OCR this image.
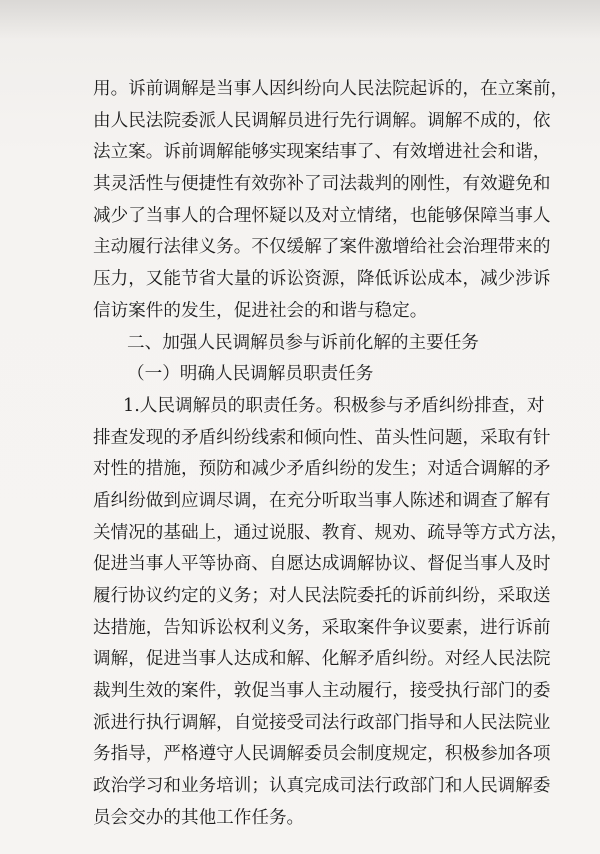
用。诉前调解是当事人因纠纷向人民法院起诉的，在立案前，
由人民法院委派人民调解员进行先行调解。调解不成的，依
法立案。诉前调解能够实现案结事了、有效增进社会和谐，
其灵活性与便捷性有效弥补了司法裁判的刚性，有效避免和
减少了当事人的合理怀疑以及对立情绪，也能够保障当事人
主动履行法律义务。不仅缓解了案件激增给社会治理带来的
压力，又能节省大量的诉讼资源，降低诉讼成本，减少涉诉
信访案件的发生，促进社会的和谐与稳定。
二、加强人民调解员参与诉前化解的主要任务
（一）明确人民调解员职责任务
1.人民调解员的职责任务。积极参与矛盾纠纷排查，对
排查发现的矛盾纠纷线索和倾向性、苗头性问题，采取有针
对性的措施，预防和减少矛盾纠纷的发生；对适合调解的矛
盾纠纷做到应调尽调，在充分听取当事人陈述和调查了解有
关情况的基础上，通过说服、教育、规劝、疏导等方式方法，
促进当事人平等协商、自愿达成调解协议、督促当事人及时
履行协议约定的义务；对人民法院委托的诉前纠纷，采取送
达措施，告知诉讼权利义务，采取案件争议要素，进行诉前
调解，促进当事人达成和解、化解矛盾纠纷。对经人民法院
裁判生效的案件，敦促当事人主动履行，接受执行部门的委
派进行执行调解，自觉接受司法行政部门指导和人民法院业
务指导，严格遵守人民调解委员会制度规定，积极参加各项
政治学习和业务培训；认真完成司法行政部门和人民调解委
员会交办的其他工作任务。
